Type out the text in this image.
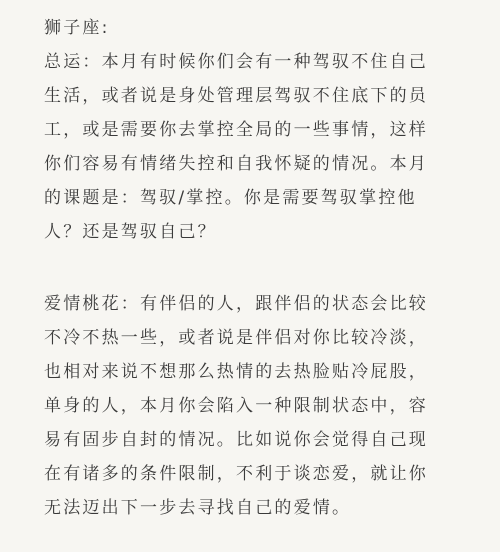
狮子座:
总运：本月有时候你们会有一种驾驭不住自己
生活，或者说是身处管理层驾驭不住底下的员
工，或是需要你去掌控全局的一些事情，这样
你们容易有情绪失控和自我怀疑的情况。本月
的课题是：驾驭/掌控。你是需要驾驭掌控他
人？还是驾驭自己？
爱情桃花：有伴侣的人，跟伴侣的状态会比较
不冷不热一些，或者说是伴侣对你比较冷淡，
也相对来说不想那么热情的去热脸贴冷屁股，
单身的人，本月你会陷入一种限制状态中，容
易有固步自封的情况。比如说你会觉得自己现
在有诸多的条件限制，不利于谈恋爱，就让你
无法迈出下一步去寻找自己的爱情。
